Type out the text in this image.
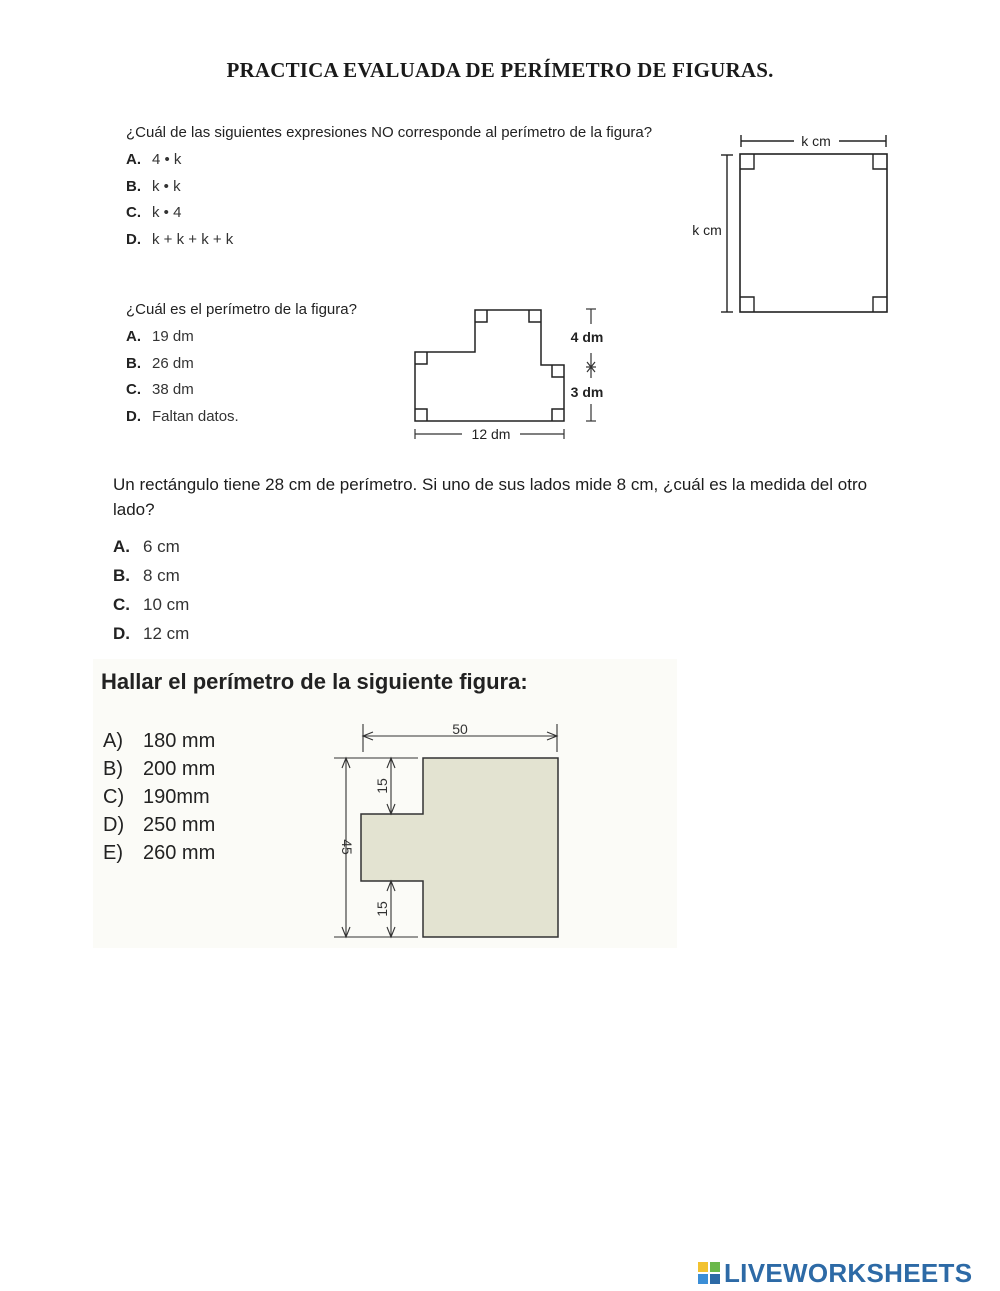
PRACTICA EVALUADA DE PERÍMETRO DE FIGURAS.
¿Cuál de las siguientes expresiones NO corresponde al perímetro de la figura?
A. 4 • k
B. k • k
C. k • 4
D. k + k + k + k
k cm
k cm
¿Cuál es el perímetro de la figura?
A. 19 dm
B. 26 dm
C. 38 dm
D. Faltan datos.
4 dm
3 dm
12 dm
Un rectángulo tiene 28 cm de perímetro. Si uno de sus lados mide 8 cm, ¿cuál es la medida del otro lado?
A. 6 cm
B. 8 cm
C. 10 cm
D. 12 cm
Hallar el perímetro de la siguiente figura:
A) 180 mm
B) 200 mm
C) 190mm
D) 250 mm
E) 260 mm
50
45
15
15
LIVEWORKSHEETS
